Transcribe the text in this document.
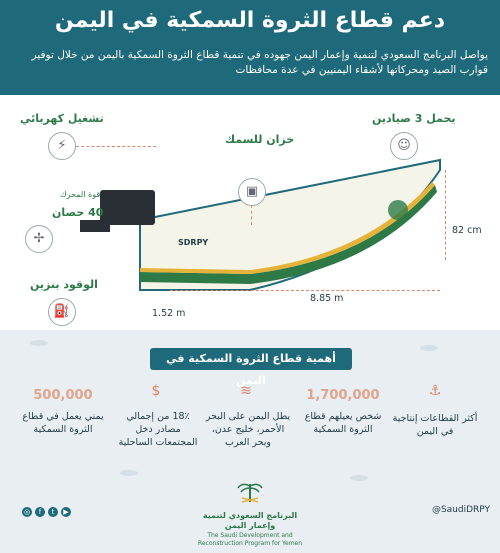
دعم قطاع الثروة السمكية في اليمن
يواصل البرنامج السعودي لتنمية وإعمار اليمن جهوده في تنمية قطاع الثروة السمكية باليمن من خلال توفير قوارب الصيد ومحركاتها لأشقاء اليمنيين في عدة محافظات
SDRPY
تشغيل كهربائي
⚡
قوة المحرك
40 حصان
✢
الوقود بنزين
⛽
خزان للسمك
▣
يحمل 3 صيادين
☺
82 cm
8.85 m
1.52 m
أهمية قطاع الثروة السمكية في اليمن
⚓
أكثر القطاعات إنتاجية في اليمن
1,700,000
شخص يعيلهم قطاع الثروة السمكية
≋
يطل اليمن على البحر الأحمر، خليج عدن، وبحر العرب
$
18٪ من إجمالي مصادر دخل المجتمعات الساحلية
500,000
يمني يعمل في قطاع الثروة السمكية
◎	f	t	▶	@SaudiDRPY
البرنامج السعودي لتنمية وإعمار اليمن
The Saudi Development and Reconstruction Program for Yemen
